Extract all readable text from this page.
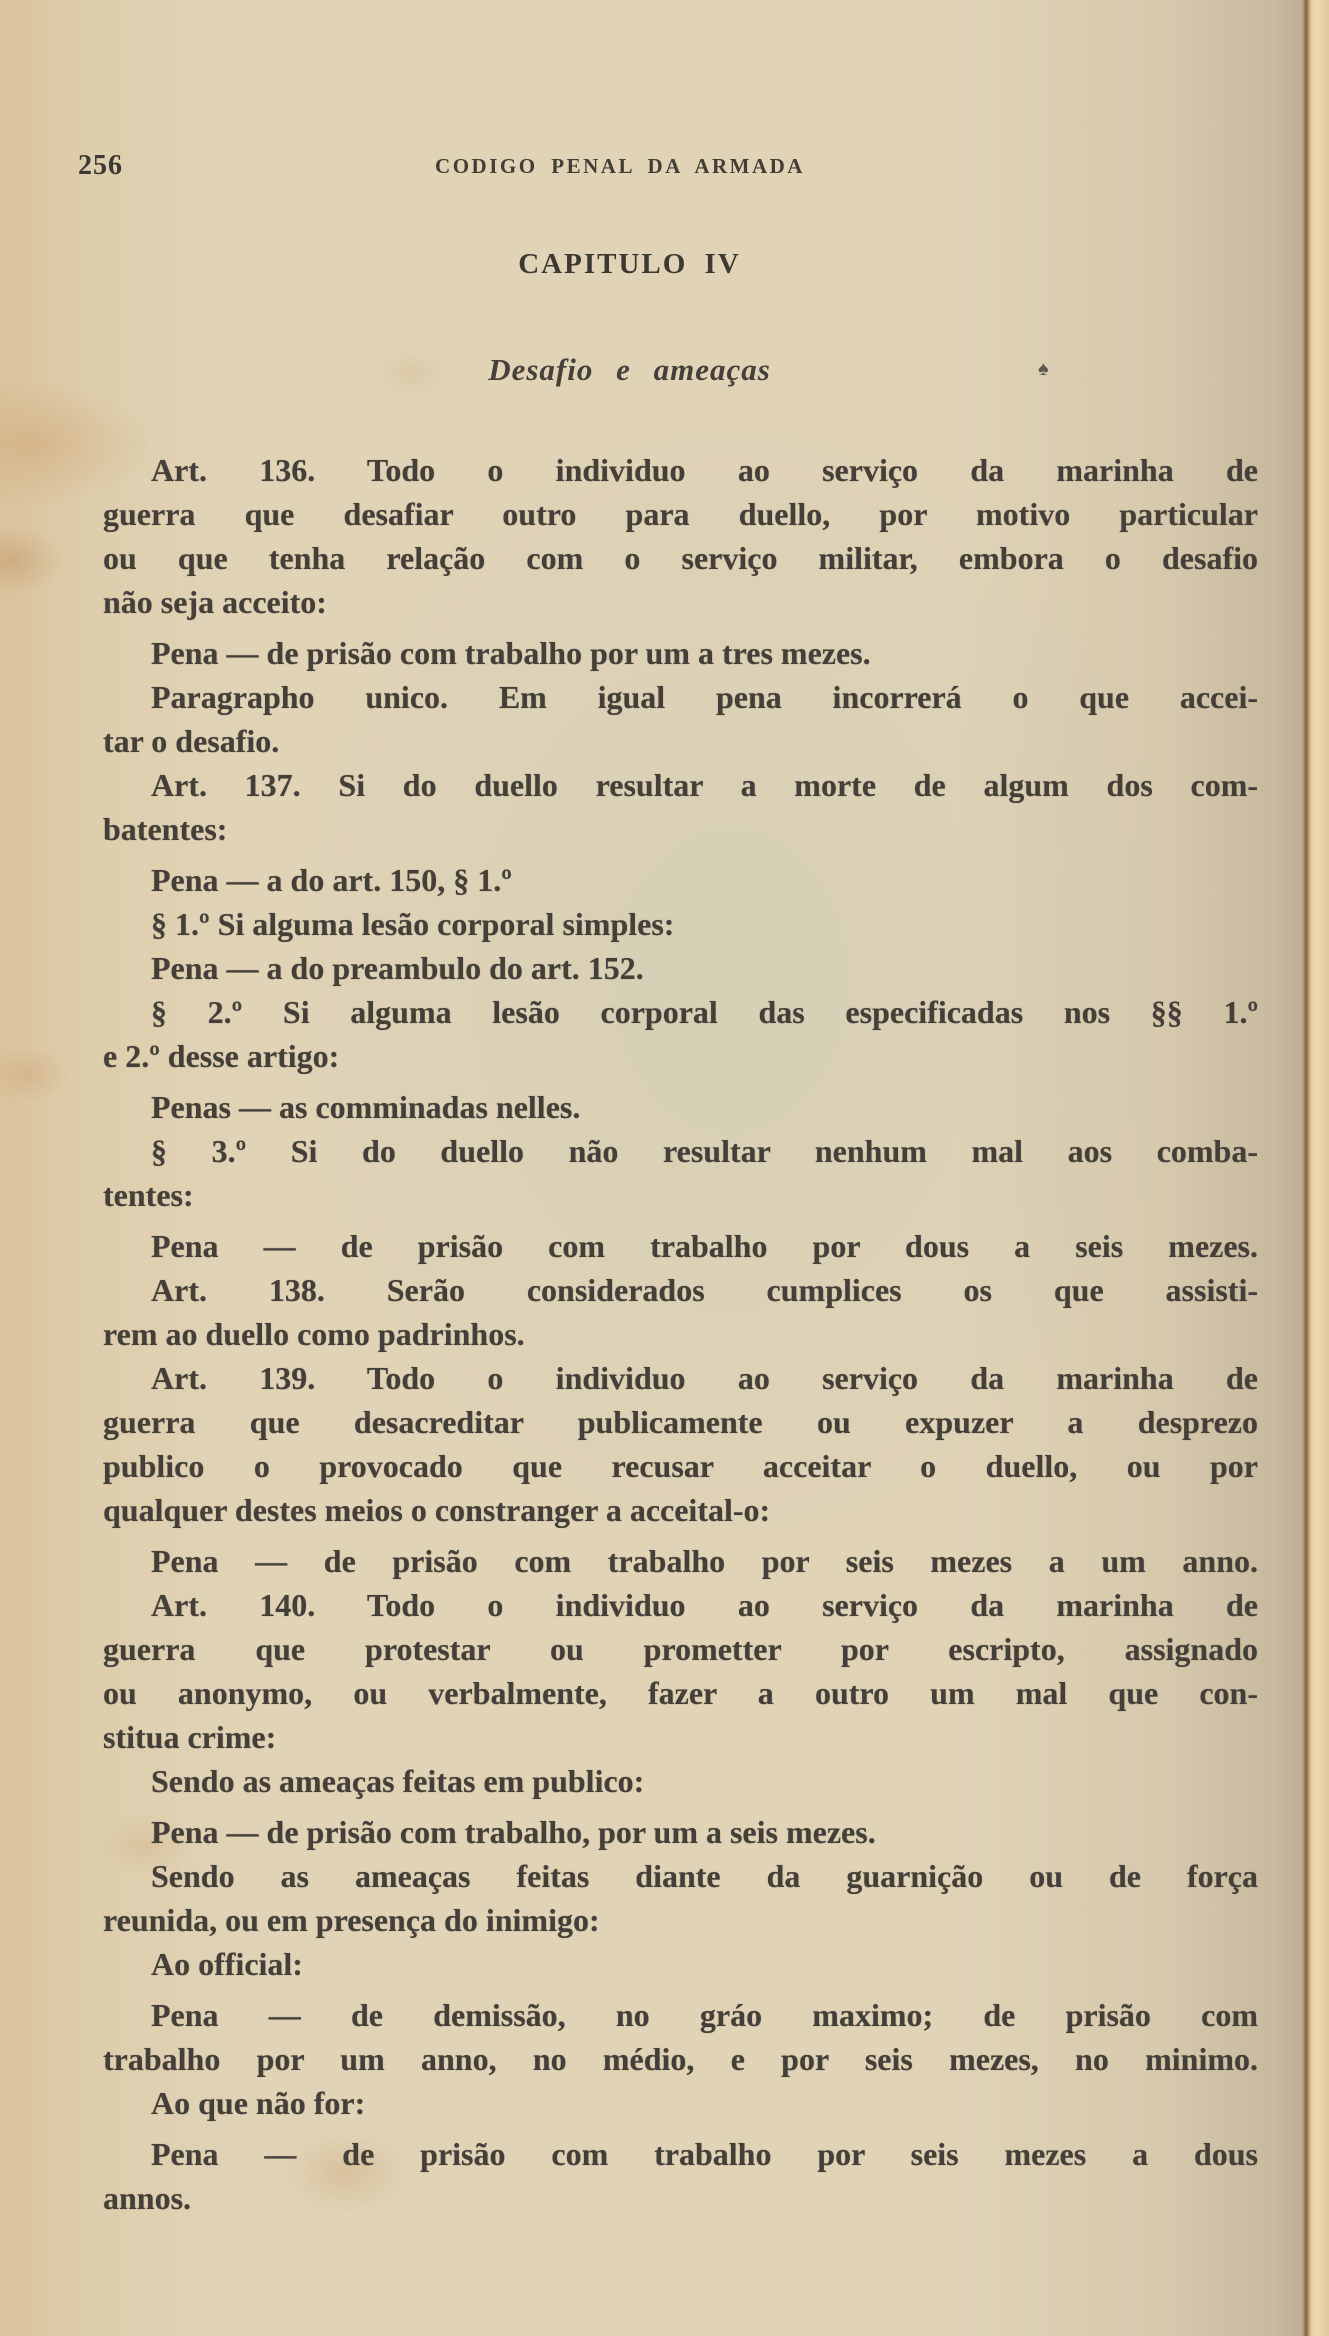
256	CODIGO PENAL DA ARMADA
CAPITULO IV
Desafio e ameaças	♠
Art. 136. Todo o individuo ao serviço da marinha de
guerra que desafiar outro para duello, por motivo particular
ou que tenha relação com o serviço militar, embora o desafio
não seja acceito:
Pena — de prisão com trabalho por um a tres mezes.
Paragrapho unico. Em igual pena incorrerá o que accei-
tar o desafio.
Art. 137. Si do duello resultar a morte de algum dos com-
batentes:
Pena — a do art. 150, § 1.º
§ 1.º Si alguma lesão corporal simples:
Pena — a do preambulo do art. 152.
§ 2.º Si alguma lesão corporal das especificadas nos §§ 1.º
e 2.º desse artigo:
Penas — as comminadas nelles.
§ 3.º Si do duello não resultar nenhum mal aos comba-
tentes:
Pena — de prisão com trabalho por dous a seis mezes.
Art. 138. Serão considerados cumplices os que assisti-
rem ao duello como padrinhos.
Art. 139. Todo o individuo ao serviço da marinha de
guerra que desacreditar publicamente ou expuzer a desprezo
publico o provocado que recusar acceitar o duello, ou por
qualquer destes meios o constranger a acceital-o:
Pena — de prisão com trabalho por seis mezes a um anno.
Art. 140. Todo o individuo ao serviço da marinha de
guerra que protestar ou prometter por escripto, assignado
ou anonymo, ou verbalmente, fazer a outro um mal que con-
stitua crime:
Sendo as ameaças feitas em publico:
Pena — de prisão com trabalho, por um a seis mezes.
Sendo as ameaças feitas diante da guarnição ou de força
reunida, ou em presença do inimigo:
Ao official:
Pena — de demissão, no gráo maximo; de prisão com
trabalho por um anno, no médio, e por seis mezes, no minimo.
Ao que não for:
Pena — de prisão com trabalho por seis mezes a dous
annos.
